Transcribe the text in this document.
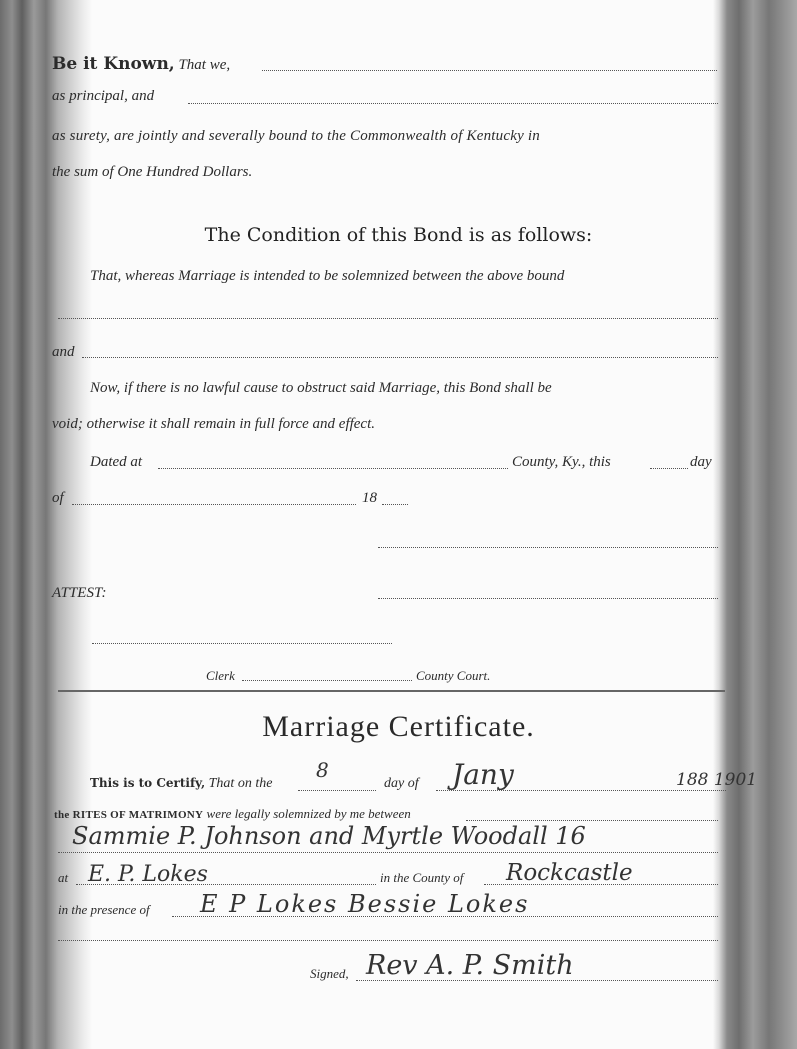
Be it Known, That we,
as principal, and
as surety, are jointly and severally bound to the Commonwealth of Kentucky in
the sum of One Hundred Dollars.
The Condition of this Bond is as follows:
That, whereas Marriage is intended to be solemnized between the above bound
and
Now, if there is no lawful cause to obstruct said Marriage, this Bond shall be
void; otherwise it shall remain in full force and effect.
Dated at	County, Ky., this	day
of	18
ATTEST:
Clerk	County Court.
Marriage Certificate.
This is to Certify, That on the	day of
the RITES OF MATRIMONY were legally solemnized by me between
at	in the County of
in the presence of
Signed,
8	Jany	188 1901
Sammie P. Johnson and Myrtle Woodall 16
E. P. Lokes	Rockcastle
E P Lokes Bessie Lokes
Rev A. P. Smith
